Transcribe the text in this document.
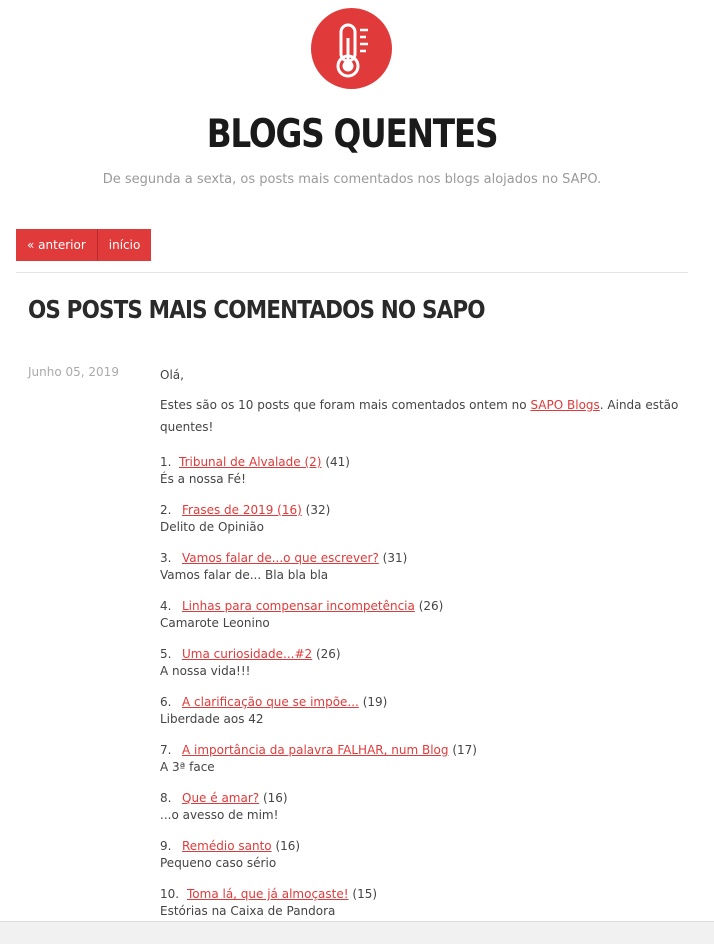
BLOGS QUENTES
De segunda a sexta, os posts mais comentados nos blogs alojados no SAPO.
« anterior	início
OS POSTS MAIS COMENTADOS NO SAPO
Junho 05, 2019	Olá,

Estes são os 10 posts que foram mais comentados ontem no SAPO Blogs. Ainda estão quentes!

1. Tribunal de Alvalade (2) (41)
És a nossa Fé!
2. Frases de 2019 (16) (32)
Delito de Opinião
3. Vamos falar de...o que escrever? (31)
Vamos falar de... Bla bla bla
4. Linhas para compensar incompetência (26)
Camarote Leonino
5. Uma curiosidade...#2 (26)
A nossa vida!!!
6. A clarificação que se impõe... (19)
Liberdade aos 42
7. A importância da palavra FALHAR, num Blog (17)
A 3ª face
8. Que é amar? (16)
...o avesso de mim!
9. Remédio santo (16)
Pequeno caso sério
10. Toma lá, que já almoçaste! (15)
Estórias na Caixa de Pandora
